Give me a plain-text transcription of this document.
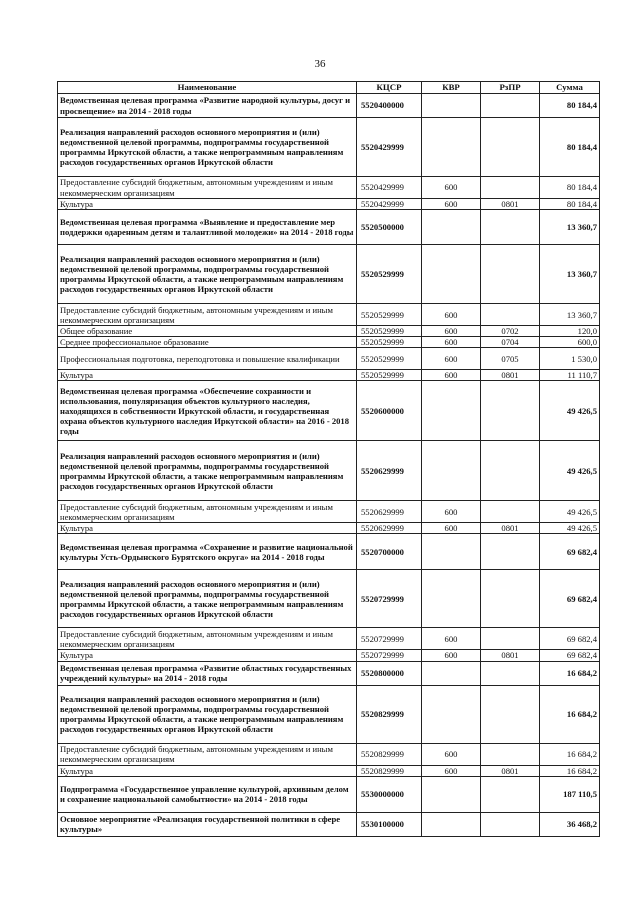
36
Наименование	КЦСР	КВР	РзПР	Сумма
Ведомственная целевая программа «Развитие народной культуры, досуг и просвещение» на 2014 - 2018 годы	5520400000			80 184,4
Реализация направлений расходов основного мероприятия и (или) ведомственной целевой программы, подпрограммы государственной программы Иркутской области, а также непрограммным направлениям расходов государственных органов Иркутской области	5520429999			80 184,4
Предоставление субсидий бюджетным, автономным учреждениям и иным некоммерческим организациям	5520429999	600		80 184,4
Культура	5520429999	600	0801	80 184,4
Ведомственная целевая программа «Выявление и предоставление мер поддержки одаренным детям и талантливой молодежи» на 2014 - 2018 годы	5520500000			13 360,7
Реализация направлений расходов основного мероприятия и (или) ведомственной целевой программы, подпрограммы государственной программы Иркутской области, а также непрограммным направлениям расходов государственных органов Иркутской области	5520529999			13 360,7
Предоставление субсидий бюджетным, автономным учреждениям и иным некоммерческим организациям	5520529999	600		13 360,7
Общее образование	5520529999	600	0702	120,0
Среднее профессиональное образование	5520529999	600	0704	600,0
Профессиональная подготовка, переподготовка и повышение квалификации	5520529999	600	0705	1 530,0
Культура	5520529999	600	0801	11 110,7
Ведомственная целевая программа «Обеспечение сохранности и использования, популяризация объектов культурного наследия, находящихся в собственности Иркутской области, и государственная охрана объектов культурного наследия Иркутской области» на 2016 - 2018 годы	5520600000			49 426,5
Реализация направлений расходов основного мероприятия и (или) ведомственной целевой программы, подпрограммы государственной программы Иркутской области, а также непрограммным направлениям расходов государственных органов Иркутской области	5520629999			49 426,5
Предоставление субсидий бюджетным, автономным учреждениям и иным некоммерческим организациям	5520629999	600		49 426,5
Культура	5520629999	600	0801	49 426,5
Ведомственная целевая программа «Сохранение и развитие национальной культуры Усть-Ордынского Бурятского округа» на 2014 - 2018 годы	5520700000			69 682,4
Реализация направлений расходов основного мероприятия и (или) ведомственной целевой программы, подпрограммы государственной программы Иркутской области, а также непрограммным направлениям расходов государственных органов Иркутской области	5520729999			69 682,4
Предоставление субсидий бюджетным, автономным учреждениям и иным некоммерческим организациям	5520729999	600		69 682,4
Культура	5520729999	600	0801	69 682,4
Ведомственная целевая программа «Развитие областных государственных учреждений культуры» на 2014 - 2018 годы	5520800000			16 684,2
Реализация направлений расходов основного мероприятия и (или) ведомственной целевой программы, подпрограммы государственной программы Иркутской области, а также непрограммным направлениям расходов государственных органов Иркутской области	5520829999			16 684,2
Предоставление субсидий бюджетным, автономным учреждениям и иным некоммерческим организациям	5520829999	600		16 684,2
Культура	5520829999	600	0801	16 684,2
Подпрограмма «Государственное управление культурой, архивным делом и сохранение национальной самобытности» на 2014 - 2018 годы	5530000000			187 110,5
Основное мероприятие «Реализация государственной политики в сфере культуры»	5530100000			36 468,2
